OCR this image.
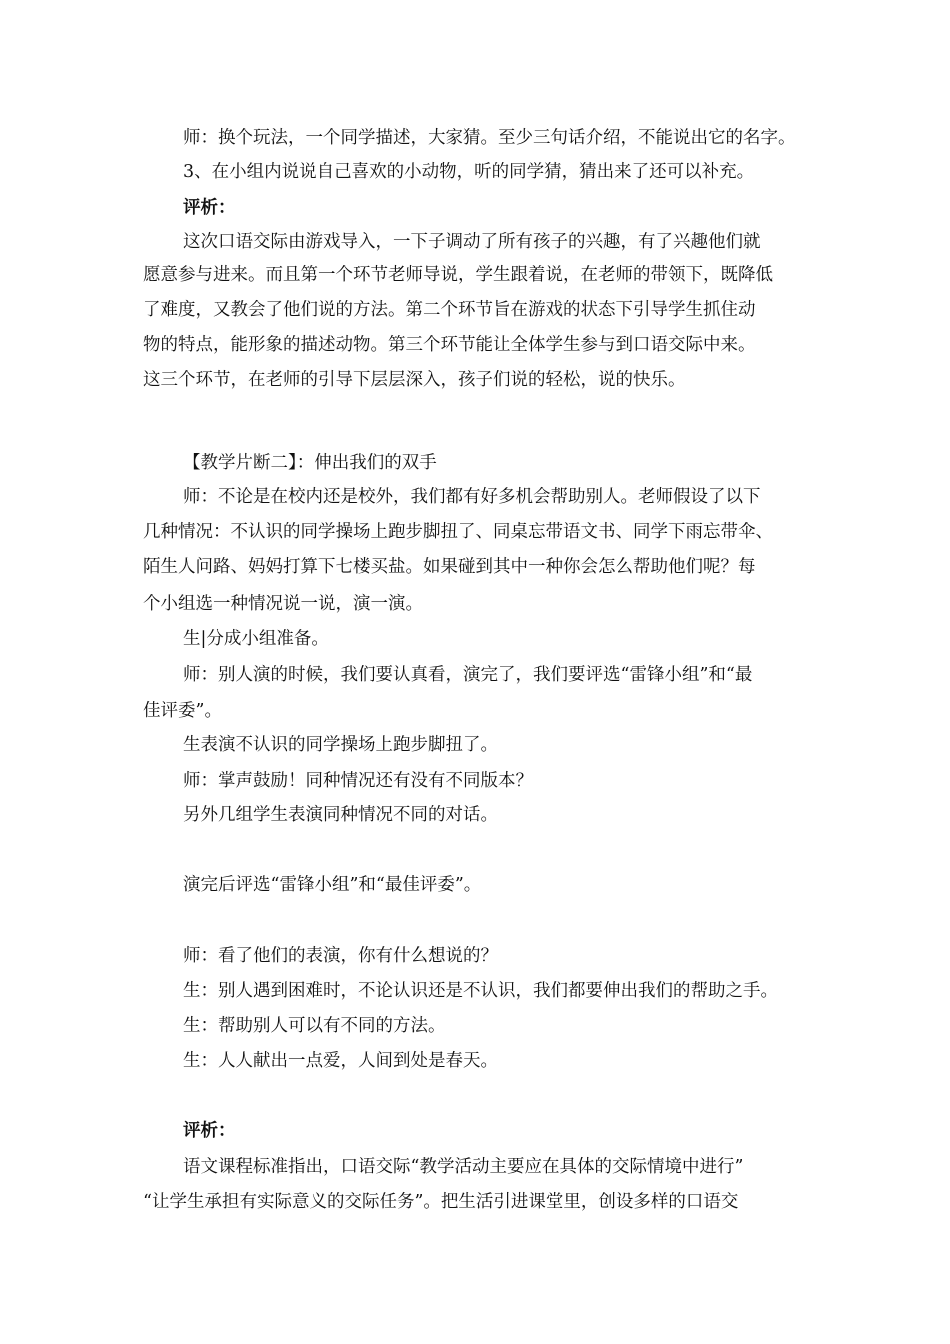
师：换个玩法，一个同学描述，大家猜。至少三句话介绍，不能说出它的名字。
3、在小组内说说自己喜欢的小动物，听的同学猜，猜出来了还可以补充。
评析：
这次口语交际由游戏导入，一下子调动了所有孩子的兴趣，有了兴趣他们就
愿意参与进来。而且第一个环节老师导说，学生跟着说，在老师的带领下，既降低
了难度，又教会了他们说的方法。第二个环节旨在游戏的状态下引导学生抓住动
物的特点，能形象的描述动物。第三个环节能让全体学生参与到口语交际中来。
这三个环节，在老师的引导下层层深入，孩子们说的轻松，说的快乐。
【教学片断二】：伸出我们的双手
师：不论是在校内还是校外，我们都有好多机会帮助别人。老师假设了以下
几种情况：不认识的同学操场上跑步脚扭了、同桌忘带语文书、同学下雨忘带伞、
陌生人问路、妈妈打算下七楼买盐。如果碰到其中一种你会怎么帮助他们呢？每
个小组选一种情况说一说，演一演。
生|分成小组准备。
师：别人演的时候，我们要认真看，演完了，我们要评选“雷锋小组”和“最
佳评委”。
生表演不认识的同学操场上跑步脚扭了。
师：掌声鼓励！同种情况还有没有不同版本？
另外几组学生表演同种情况不同的对话。
演完后评选“雷锋小组”和“最佳评委”。
师：看了他们的表演，你有什么想说的？
生：别人遇到困难时，不论认识还是不认识，我们都要伸出我们的帮助之手。
生：帮助别人可以有不同的方法。
生：人人献出一点爱，人间到处是春天。
评析：
语文课程标准指出，口语交际“教学活动主要应在具体的交际情境中进行”
“让学生承担有实际意义的交际任务”。把生活引进课堂里，创设多样的口语交
